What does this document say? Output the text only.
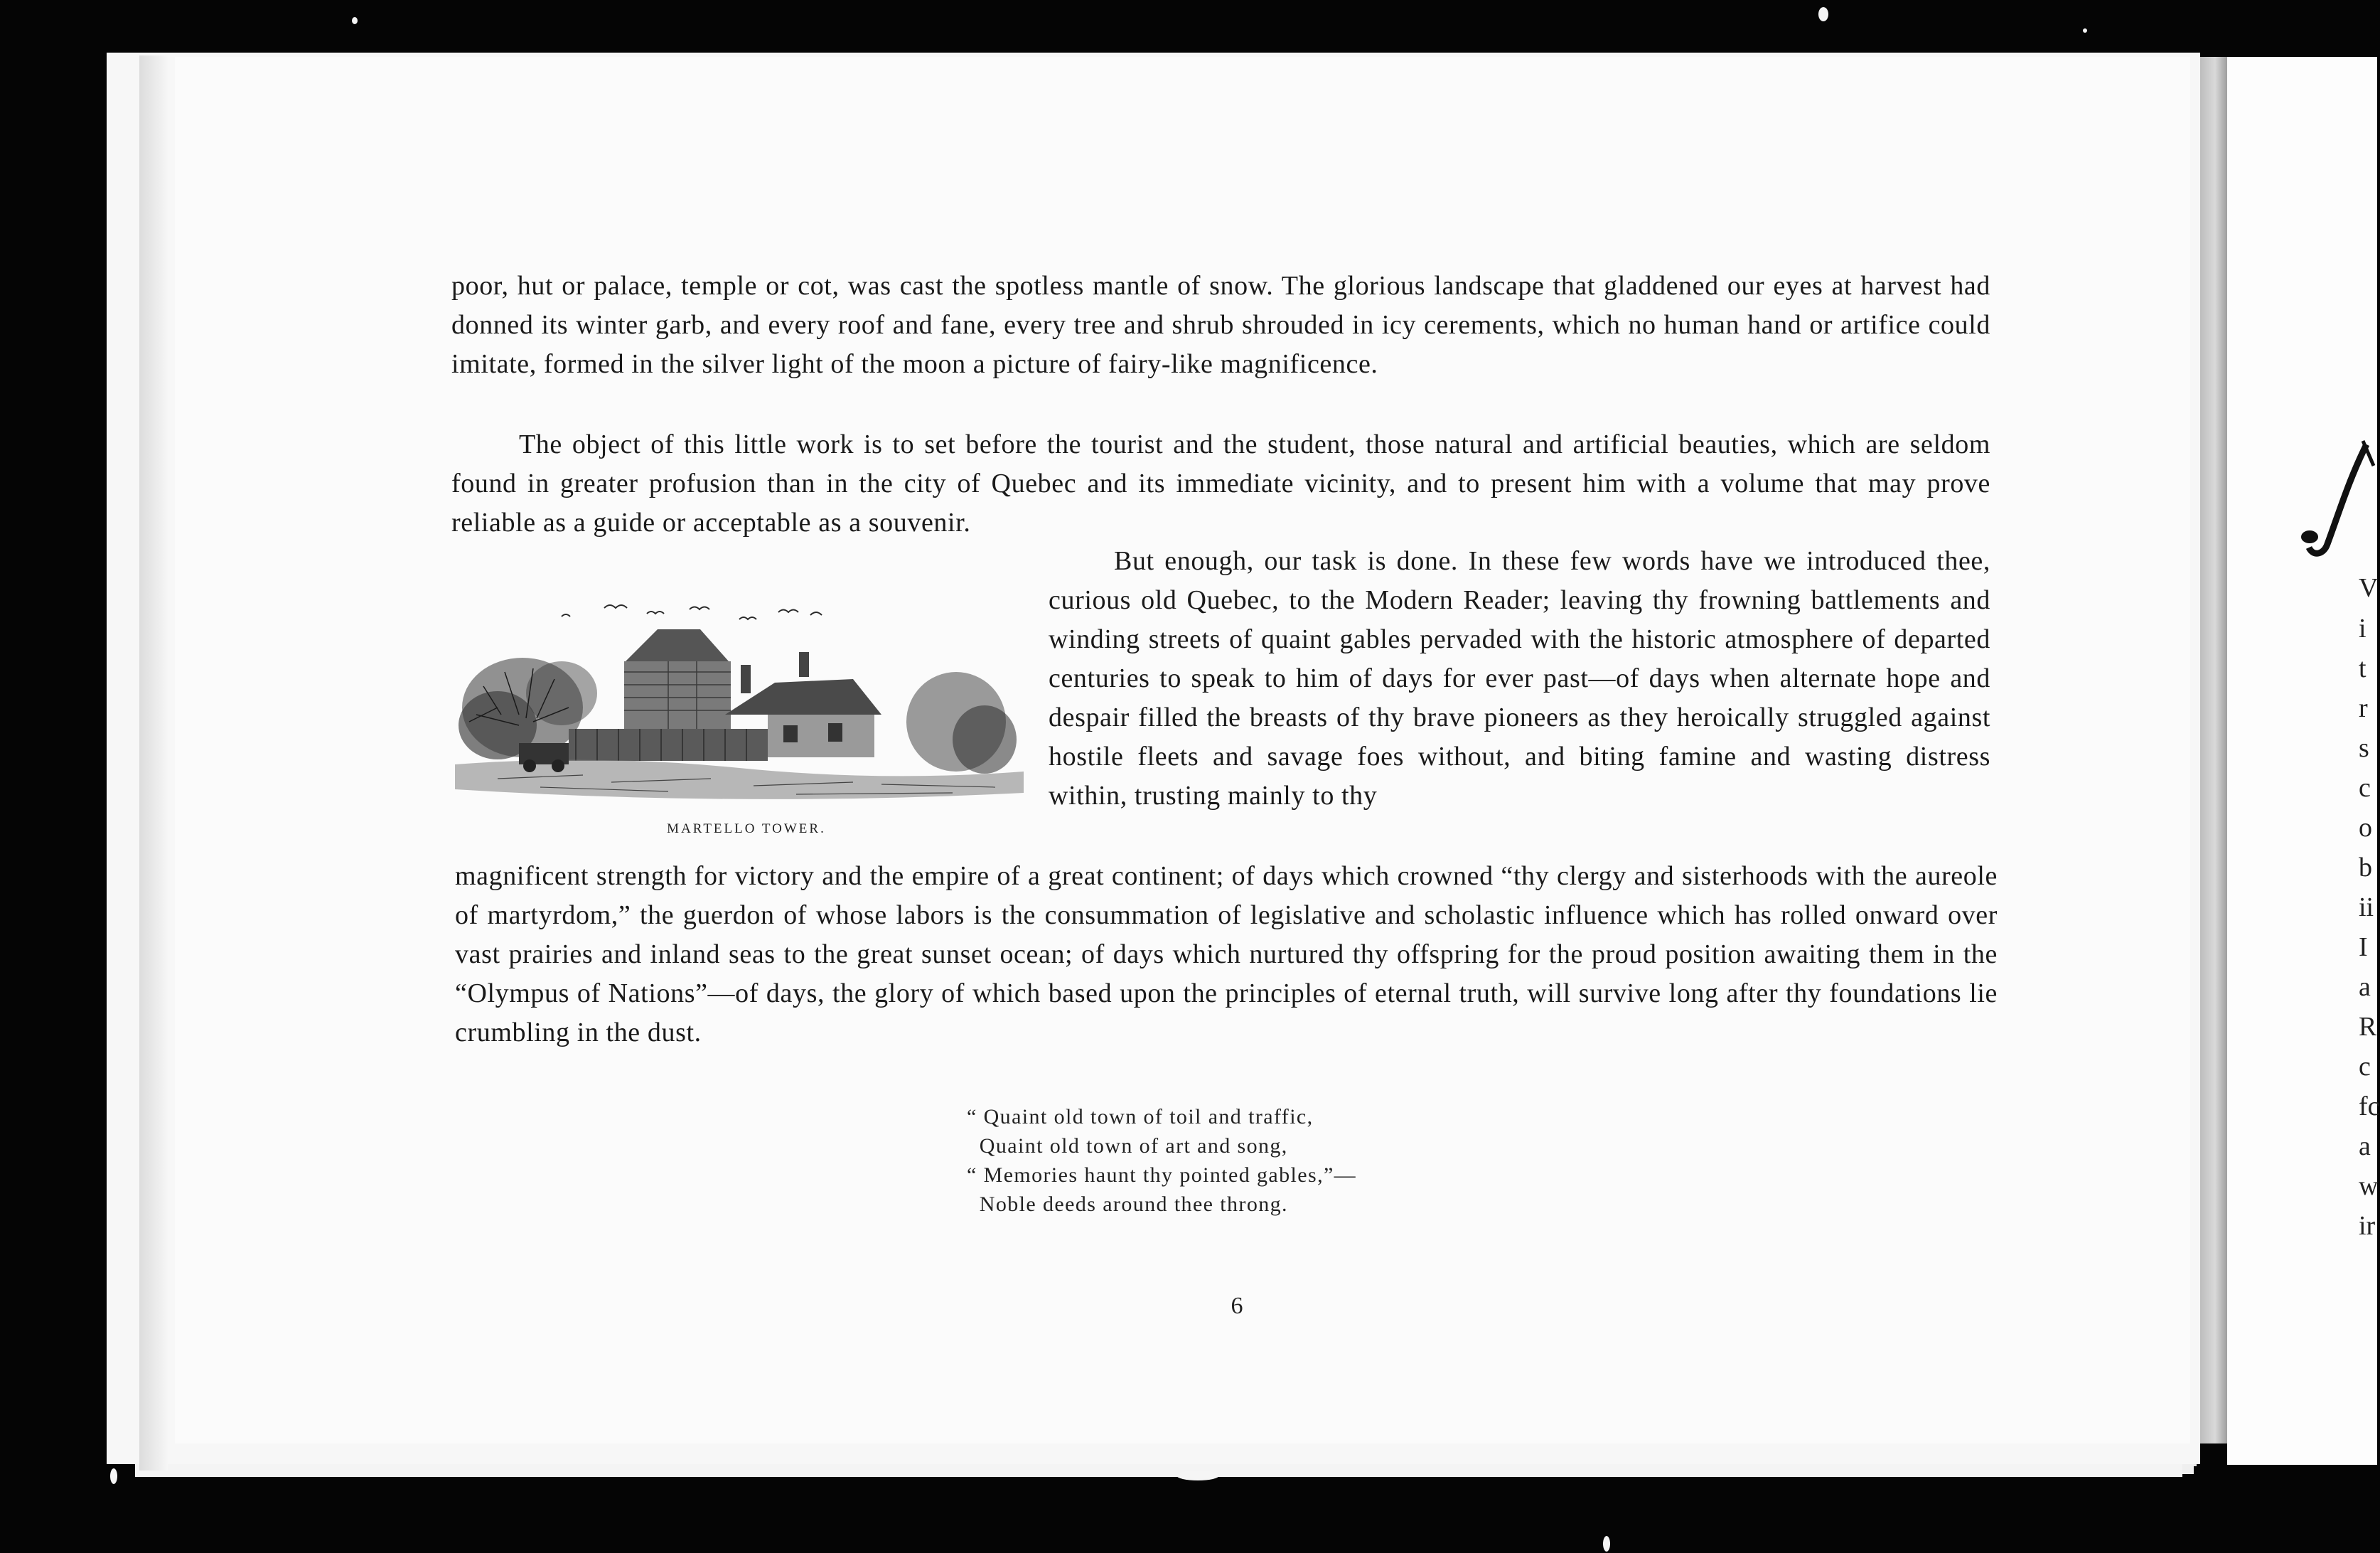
poor, hut or palace, temple or cot, was cast the spotless mantle of snow. The glorious landscape that gladdened our eyes at harvest had donned its winter garb, and every roof and fane, every tree and shrub shrouded in icy cerements, which no human hand or artifice could imitate, formed in the silver light of the moon a picture of fairy-like magnificence.

The object of this little work is to set before the tourist and the student, those natural and artificial beauties, which are seldom found in greater profusion than in the city of Quebec and its immediate vicinity, and to present him with a volume that may prove reliable as a guide or acceptable as a souvenir.

But enough, our task is done. In these few words have we introduced thee, curious old Quebec, to the Modern Reader; leaving thy frowning battlements and winding streets of quaint gables pervaded with the historic atmosphere of departed centuries to speak to him of days for ever past—of days when alternate hope and despair filled the breasts of thy brave pioneers as they heroically struggled against hostile fleets and savage foes without, and biting famine and wasting distress within, trusting mainly to thy

magnificent strength for victory and the empire of a great continent; of days which crowned “thy clergy and sisterhoods with the aureole of martyrdom,” the guerdon of whose labors is the consummation of legislative and scholastic influence which has rolled onward over vast prairies and inland seas to the great sunset ocean; of days which nurtured thy offspring for the proud position awaiting them in the “Olympus of Nations”—of days, the glory of which based upon the principles of eternal truth, will survive long after thy foundations lie crumbling in the dust.

MARTELLO TOWER.
“ Quaint old town of toil and traffic,
Quaint old town of art and song,
“ Memories haunt thy pointed gables,”—
Noble deeds around thee throng.
6
V
i
t
r
s
c
o
b
ii
I
a
R
c
fc
a
w
ir
